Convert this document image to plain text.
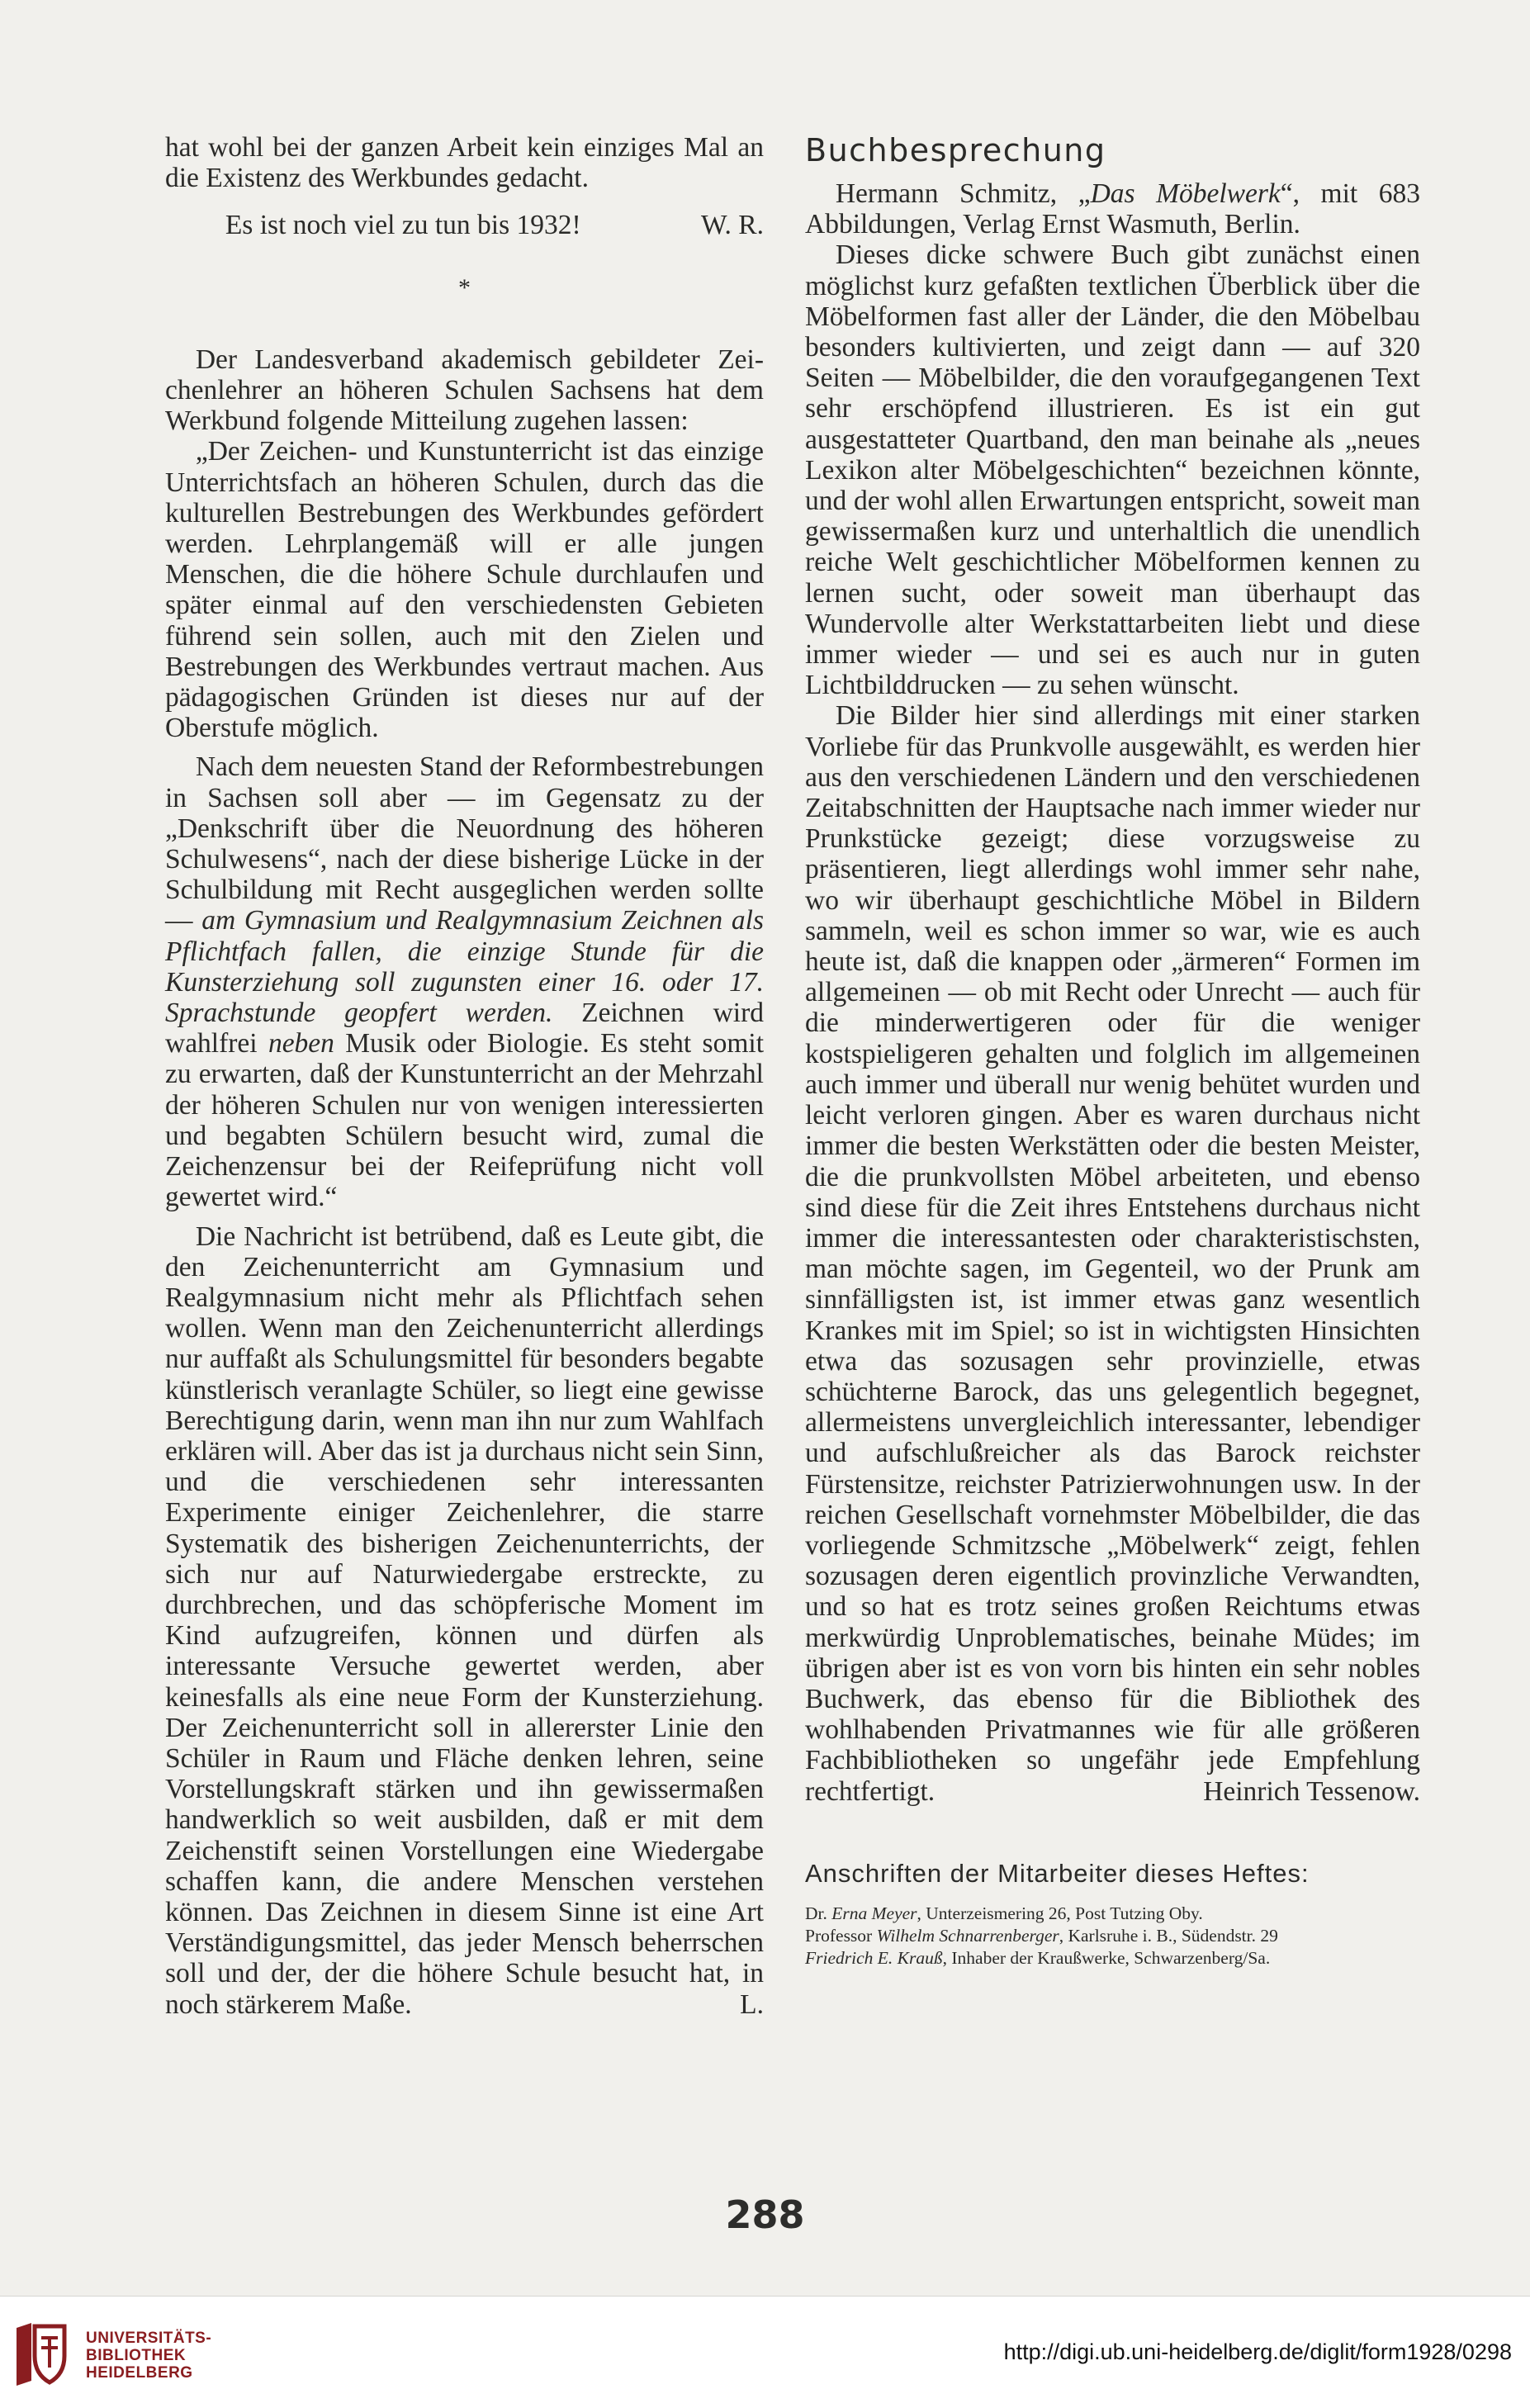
hat wohl bei der ganzen Arbeit kein einziges Mal an die Existenz des Werkbundes gedacht.

Es ist noch viel zu tun bis 1932!	W. R.

*

Der Landesverband akademisch gebildeter Zeichenlehrer an höheren Schulen Sachsens hat dem Werkbund folgende Mitteilung zugehen lassen:

„Der Zeichen- und Kunstunterricht ist das einzige Unterrichtsfach an höheren Schulen, durch das die kulturellen Bestrebungen des Werkbundes gefördert werden. Lehrplangemäß will er alle jungen Menschen, die die höhere Schule durchlaufen und später einmal auf den verschiedensten Gebieten führend sein sollen, auch mit den Zielen und Bestrebungen des Werkbundes vertraut machen. Aus pädagogischen Gründen ist dieses nur auf der Oberstufe möglich.

Nach dem neuesten Stand der Reformbestrebungen in Sachsen soll aber — im Gegensatz zu der „Denkschrift über die Neuordnung des höheren Schulwesens“, nach der diese bisherige Lücke in der Schulbildung mit Recht ausgeglichen werden sollte — am Gymnasium und Realgymnasium Zeichnen als Pflichtfach fallen, die einzige Stunde für die Kunsterziehung soll zugunsten einer 16. oder 17. Sprachstunde geopfert werden. Zeichnen wird wahlfrei neben Musik oder Biologie. Es steht somit zu erwarten, daß der Kunstunterricht an der Mehrzahl der höheren Schulen nur von wenigen interessierten und begabten Schülern besucht wird, zumal die Zeichenzensur bei der Reifeprüfung nicht voll gewertet wird.“

Die Nachricht ist betrübend, daß es Leute gibt, die den Zeichenunterricht am Gymnasium und Realgymnasium nicht mehr als Pflichtfach sehen wollen. Wenn man den Zeichenunterricht allerdings nur auffaßt als Schulungsmittel für besonders begabte künstlerisch veranlagte Schüler, so liegt eine gewisse Berechtigung darin, wenn man ihn nur zum Wahlfach erklären will. Aber das ist ja durchaus nicht sein Sinn, und die verschiedenen sehr interessanten Experimente einiger Zeichenlehrer, die starre Systematik des bisherigen Zeichenunterrichts, der sich nur auf Naturwiedergabe erstreckte, zu durchbrechen, und das schöpferische Moment im Kind aufzugreifen, können und dürfen als interessante Versuche gewertet werden, aber keinesfalls als eine neue Form der Kunsterziehung. Der Zeichenunterricht soll in allererster Linie den Schüler in Raum und Fläche denken lehren, seine Vorstellungskraft stärken und ihn gewissermaßen handwerklich so weit ausbilden, daß er mit dem Zeichenstift seinen Vorstellungen eine Wiedergabe schaffen kann, die andere Menschen verstehen können. Das Zeichnen in diesem Sinne ist eine Art Verständigungsmittel, das jeder Mensch beherrschen soll und der, der die höhere Schule besucht hat, in noch stärkerem Maße.	L.

Buchbesprechung

Hermann Schmitz, „Das Möbelwerk“, mit 683 Abbildungen, Verlag Ernst Wasmuth, Berlin.

Dieses dicke schwere Buch gibt zunächst einen möglichst kurz gefaßten textlichen Überblick über die Möbelformen fast aller der Länder, die den Möbelbau besonders kultivierten, und zeigt dann — auf 320 Seiten — Möbelbilder, die den voraufgegangenen Text sehr erschöpfend illustrieren. Es ist ein gut ausgestatteter Quartband, den man beinahe als „neues Lexikon alter Möbelgeschichten“ bezeichnen könnte, und der wohl allen Erwartungen entspricht, soweit man gewissermaßen kurz und unterhaltlich die unendlich reiche Welt geschichtlicher Möbelformen kennen zu lernen sucht, oder soweit man überhaupt das Wundervolle alter Werkstattarbeiten liebt und diese immer wieder — und sei es auch nur in guten Lichtbilddrucken — zu sehen wünscht.

Die Bilder hier sind allerdings mit einer starken Vorliebe für das Prunkvolle ausgewählt, es werden hier aus den verschiedenen Ländern und den verschiedenen Zeitabschnitten der Hauptsache nach immer wieder nur Prunkstücke gezeigt; diese vorzugsweise zu präsentieren, liegt allerdings wohl immer sehr nahe, wo wir überhaupt geschichtliche Möbel in Bildern sammeln, weil es schon immer so war, wie es auch heute ist, daß die knappen oder „ärmeren“ Formen im allgemeinen — ob mit Recht oder Unrecht — auch für die minderwertigeren oder für die weniger kostspieligeren gehalten und folglich im allgemeinen auch immer und überall nur wenig behütet wurden und leicht verloren gingen. Aber es waren durchaus nicht immer die besten Werkstätten oder die besten Meister, die die prunkvollsten Möbel arbeiteten, und ebenso sind diese für die Zeit ihres Entstehens durchaus nicht immer die interessantesten oder charakteristischsten, man möchte sagen, im Gegenteil, wo der Prunk am sinnfälligsten ist, ist immer etwas ganz wesentlich Krankes mit im Spiel; so ist in wichtigsten Hinsichten etwa das sozusagen sehr provinzielle, etwas schüchterne Barock, das uns gelegentlich begegnet, allermeistens unvergleichlich interessanter, lebendiger und aufschlußreicher als das Barock reichster Fürstensitze, reichster Patrizierwohnungen usw. In der reichen Gesellschaft vornehmster Möbelbilder, die das vorliegende Schmitzsche „Möbelwerk“ zeigt, fehlen sozusagen deren eigentlich provinzliche Verwandten, und so hat es trotz seines großen Reichtums etwas merkwürdig Unproblematisches, beinahe Müdes; im übrigen aber ist es von vorn bis hinten ein sehr nobles Buchwerk, das ebenso für die Bibliothek des wohlhabenden Privatmannes wie für alle größeren Fachbibliotheken so ungefähr jede Empfehlung rechtfertigt.	Heinrich Tessenow.

Anschriften der Mitarbeiter dieses Heftes:
Dr. Erna Meyer, Unterzeismering 26, Post Tutzing Oby.
Professor Wilhelm Schnarrenberger, Karlsruhe i. B., Südendstr. 29
Friedrich E. Krauß, Inhaber der Kraußwerke, Schwarzenberg/Sa.
288
UNIVERSITÄTS-
BIBLIOTHEK
HEIDELBERG
http://digi.ub.uni-heidelberg.de/diglit/form1928/0298
